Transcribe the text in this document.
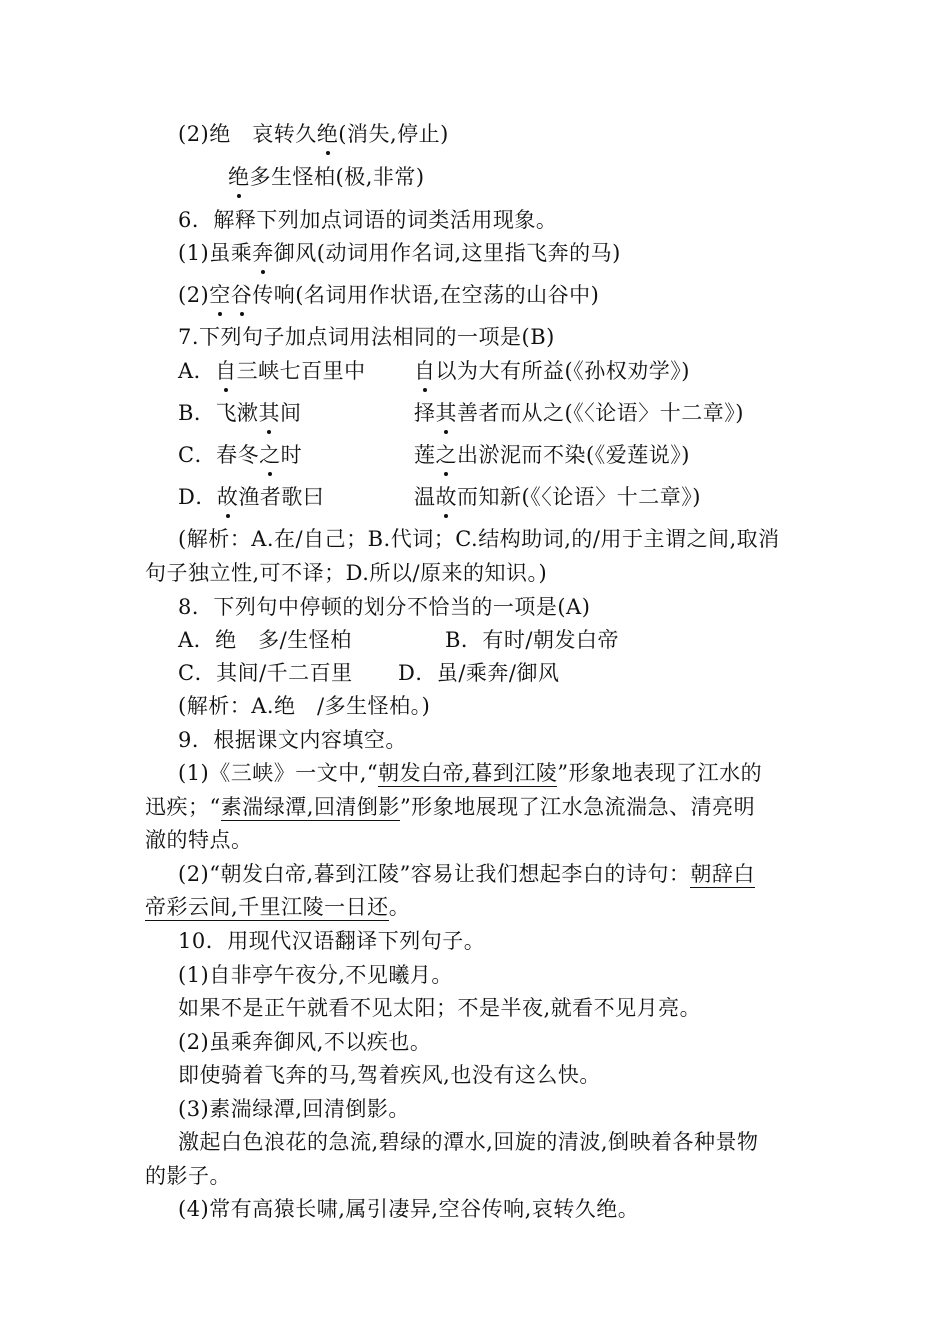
(2)绝　哀转久绝(消失,停止)
绝多生怪柏(极,非常)
6．解释下列加点词语的词类活用现象。
(1)虽乘奔御风(动词用作名词,这里指飞奔的马)
(2)空谷传响(名词用作状语,在空荡的山谷中)
7.下列句子加点词用法相同的一项是(B)
A．自三峡七百里中 自以为大有所益(《孙权劝学》)
B．飞漱其间	择其善者而从之(《〈论语〉十二章》)
C．春冬之时	莲之出淤泥而不染(《爱莲说》)
D．故渔者歌曰	温故而知新(《〈论语〉十二章》)
(解析：A.在/自己；B.代词；C.结构助词,的/用于主谓之间,取消
句子独立性,可不译；D.所以/原来的知识。)
8．下列句中停顿的划分不恰当的一项是(A)
A．绝　多/生怪柏	B．有时/朝发白帝
C．其间/千二百里 D．虽/乘奔/御风
(解析：A.绝　/多生怪柏。)
9．根据课文内容填空。
(1)《三峡》一文中,“朝发白帝,暮到江陵”形象地表现了江水的
迅疾；“素湍绿潭,回清倒影”形象地展现了江水急流湍急、清亮明
澈的特点。
(2)“朝发白帝,暮到江陵”容易让我们想起李白的诗句：朝辞白
帝彩云间,千里江陵一日还。
10．用现代汉语翻译下列句子。
(1)自非亭午夜分,不见曦月。
如果不是正午就看不见太阳；不是半夜,就看不见月亮。
(2)虽乘奔御风,不以疾也。
即使骑着飞奔的马,驾着疾风,也没有这么快。
(3)素湍绿潭,回清倒影。
激起白色浪花的急流,碧绿的潭水,回旋的清波,倒映着各种景物
的影子。
(4)常有高猿长啸,属引凄异,空谷传响,哀转久绝。
